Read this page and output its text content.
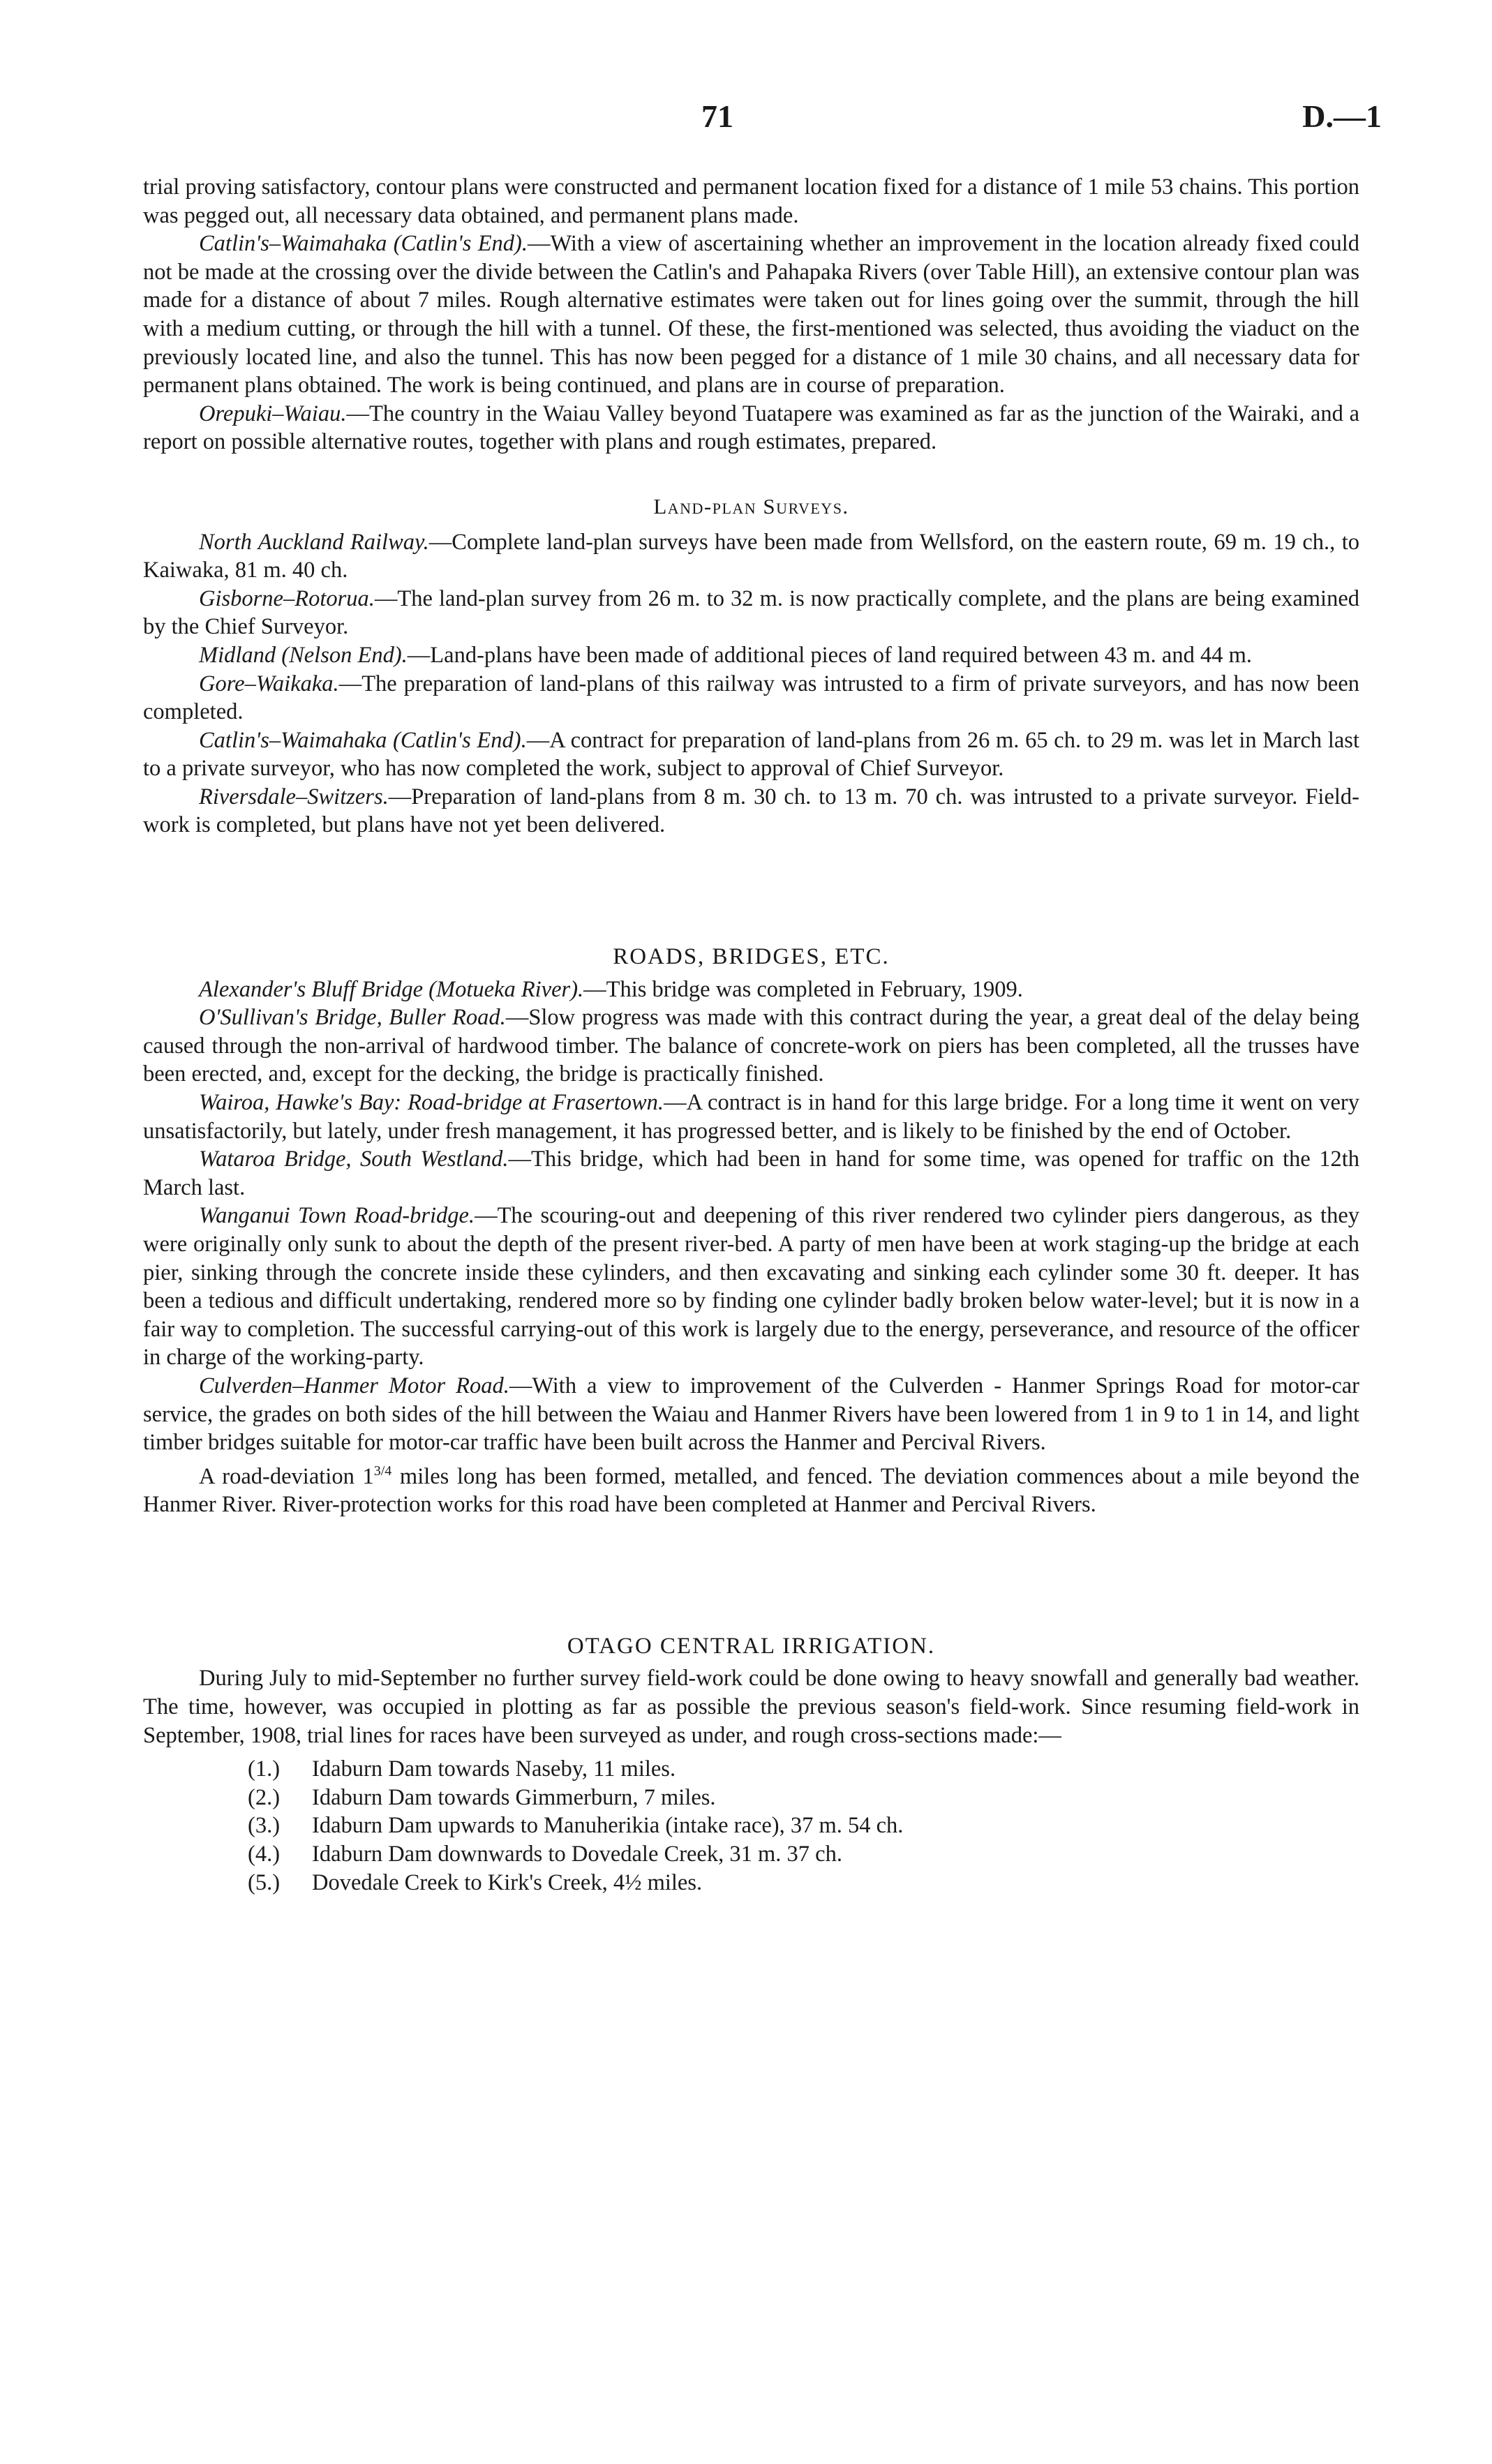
71	D.—1

trial proving satisfactory, contour plans were constructed and permanent location fixed for a distance of 1 mile 53 chains. This portion was pegged out, all necessary data obtained, and permanent plans made.

Catlin's–Waimahaka (Catlin's End).—With a view of ascertaining whether an improvement in the location already fixed could not be made at the crossing over the divide between the Catlin's and Pahapaka Rivers (over Table Hill), an extensive contour plan was made for a distance of about 7 miles. Rough alternative estimates were taken out for lines going over the summit, through the hill with a medium cutting, or through the hill with a tunnel. Of these, the first-mentioned was selected, thus avoiding the viaduct on the previously located line, and also the tunnel. This has now been pegged for a distance of 1 mile 30 chains, and all necessary data for permanent plans obtained. The work is being continued, and plans are in course of preparation.

Orepuki–Waiau.—The country in the Waiau Valley beyond Tuatapere was examined as far as the junction of the Wairaki, and a report on possible alternative routes, together with plans and rough estimates, prepared.

Land-plan Surveys.

North Auckland Railway.—Complete land-plan surveys have been made from Wellsford, on the eastern route, 69 m. 19 ch., to Kaiwaka, 81 m. 40 ch.

Gisborne–Rotorua.—The land-plan survey from 26 m. to 32 m. is now practically complete, and the plans are being examined by the Chief Surveyor.

Midland (Nelson End).—Land-plans have been made of additional pieces of land required between 43 m. and 44 m.

Gore–Waikaka.—The preparation of land-plans of this railway was intrusted to a firm of private surveyors, and has now been completed.

Catlin's–Waimahaka (Catlin's End).—A contract for preparation of land-plans from 26 m. 65 ch. to 29 m. was let in March last to a private surveyor, who has now completed the work, subject to approval of Chief Surveyor.

Riversdale–Switzers.—Preparation of land-plans from 8 m. 30 ch. to 13 m. 70 ch. was intrusted to a private surveyor. Field-work is completed, but plans have not yet been delivered.

ROADS, BRIDGES, ETC.

Alexander's Bluff Bridge (Motueka River).—This bridge was completed in February, 1909.

O'Sullivan's Bridge, Buller Road.—Slow progress was made with this contract during the year, a great deal of the delay being caused through the non-arrival of hardwood timber. The balance of concrete-work on piers has been completed, all the trusses have been erected, and, except for the decking, the bridge is practically finished.

Wairoa, Hawke's Bay: Road-bridge at Frasertown.—A contract is in hand for this large bridge. For a long time it went on very unsatisfactorily, but lately, under fresh management, it has progressed better, and is likely to be finished by the end of October.

Wataroa Bridge, South Westland.—This bridge, which had been in hand for some time, was opened for traffic on the 12th March last.

Wanganui Town Road-bridge.—The scouring-out and deepening of this river rendered two cylinder piers dangerous, as they were originally only sunk to about the depth of the present river-bed. A party of men have been at work staging-up the bridge at each pier, sinking through the concrete inside these cylinders, and then excavating and sinking each cylinder some 30 ft. deeper. It has been a tedious and difficult undertaking, rendered more so by finding one cylinder badly broken below water-level; but it is now in a fair way to completion. The successful carrying-out of this work is largely due to the energy, perseverance, and resource of the officer in charge of the working-party.

Culverden–Hanmer Motor Road.—With a view to improvement of the Culverden - Hanmer Springs Road for motor-car service, the grades on both sides of the hill between the Waiau and Hanmer Rivers have been lowered from 1 in 9 to 1 in 14, and light timber bridges suitable for motor-car traffic have been built across the Hanmer and Percival Rivers.

A road-deviation $1^{3/4}$ miles long has been formed, metalled, and fenced. The deviation commences about a mile beyond the Hanmer River. River-protection works for this road have been completed at Hanmer and Percival Rivers.

OTAGO CENTRAL IRRIGATION.

During July to mid-September no further survey field-work could be done owing to heavy snowfall and generally bad weather. The time, however, was occupied in plotting as far as possible the previous season's field-work. Since resuming field-work in September, 1908, trial lines for races have been surveyed as under, and rough cross-sections made:—

(1.) Idaburn Dam towards Naseby, 11 miles.
(2.) Idaburn Dam towards Gimmerburn, 7 miles.
(3.) Idaburn Dam upwards to Manuherikia (intake race), 37 m. 54 ch.
(4.) Idaburn Dam downwards to Dovedale Creek, 31 m. 37 ch.
(5.) Dovedale Creek to Kirk's Creek, 4½ miles.
